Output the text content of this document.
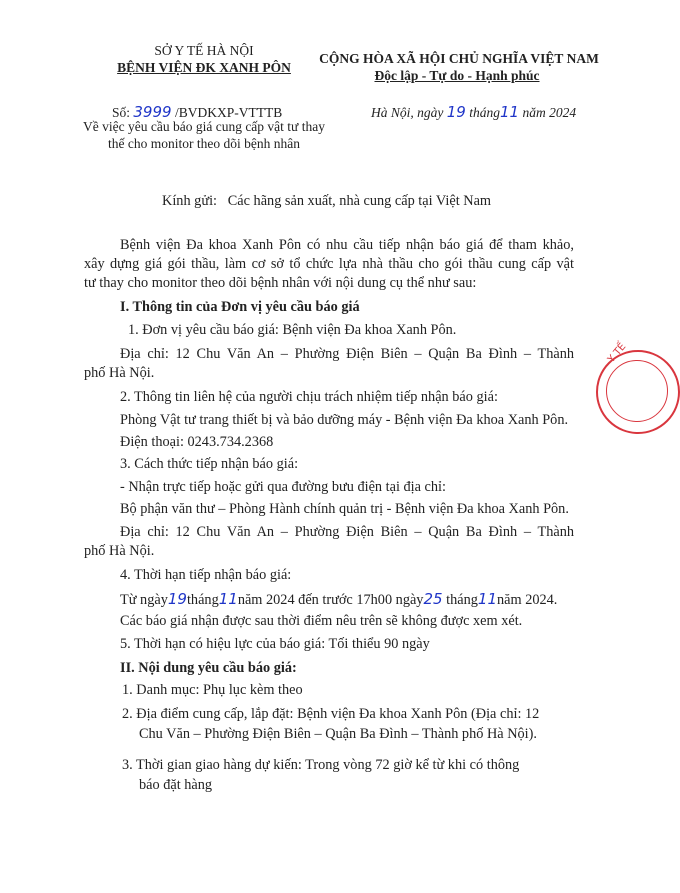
SỞ Y TẾ HÀ NỘI
BỆNH VIỆN ĐK XANH PÔN
CỘNG HÒA XÃ HỘI CHỦ NGHĨA VIỆT NAM
Độc lập - Tự do - Hạnh phúc
Số: 3999 /BVDKXP-VTTTB
Về việc yêu cầu báo giá cung cấp vật tư thay
thế cho monitor theo dõi bệnh nhân
Hà Nội, ngày 19 tháng11 năm 2024
Kính gửi: Các hãng sản xuất, nhà cung cấp tại Việt Nam
Bệnh viện Đa khoa Xanh Pôn có nhu cầu tiếp nhận báo giá để tham khảo,
xây dựng giá gói thầu, làm cơ sở tổ chức lựa nhà thầu cho gói thầu cung cấp vật
tư thay cho monitor theo dõi bệnh nhân với nội dung cụ thể như sau:
I. Thông tin của Đơn vị yêu cầu báo giá
1. Đơn vị yêu cầu báo giá: Bệnh viện Đa khoa Xanh Pôn.
Địa chỉ: 12 Chu Văn An – Phường Điện Biên – Quận Ba Đình – Thành
phố Hà Nội.
2. Thông tin liên hệ của người chịu trách nhiệm tiếp nhận báo giá:
Phòng Vật tư trang thiết bị và bảo dưỡng máy - Bệnh viện Đa khoa Xanh Pôn.
Điện thoại: 0243.734.2368
3. Cách thức tiếp nhận báo giá:
- Nhận trực tiếp hoặc gửi qua đường bưu điện tại địa chỉ:
Bộ phận văn thư – Phòng Hành chính quản trị - Bệnh viện Đa khoa Xanh Pôn.
Địa chỉ: 12 Chu Văn An – Phường Điện Biên – Quận Ba Đình – Thành
phố Hà Nội.
4. Thời hạn tiếp nhận báo giá:
Từ ngày19tháng11năm 2024 đến trước 17h00 ngày25 tháng11năm 2024.
Các báo giá nhận được sau thời điểm nêu trên sẽ không được xem xét.
5. Thời hạn có hiệu lực của báo giá: Tối thiểu 90 ngày
II. Nội dung yêu cầu báo giá:
1. Danh mục: Phụ lục kèm theo
2. Địa điểm cung cấp, lắp đặt: Bệnh viện Đa khoa Xanh Pôn (Địa chỉ: 12
Chu Văn – Phường Điện Biên – Quận Ba Đình – Thành phố Hà Nội).
3. Thời gian giao hàng dự kiến: Trong vòng 72 giờ kể từ khi có thông
báo đặt hàng
Y TẾ
